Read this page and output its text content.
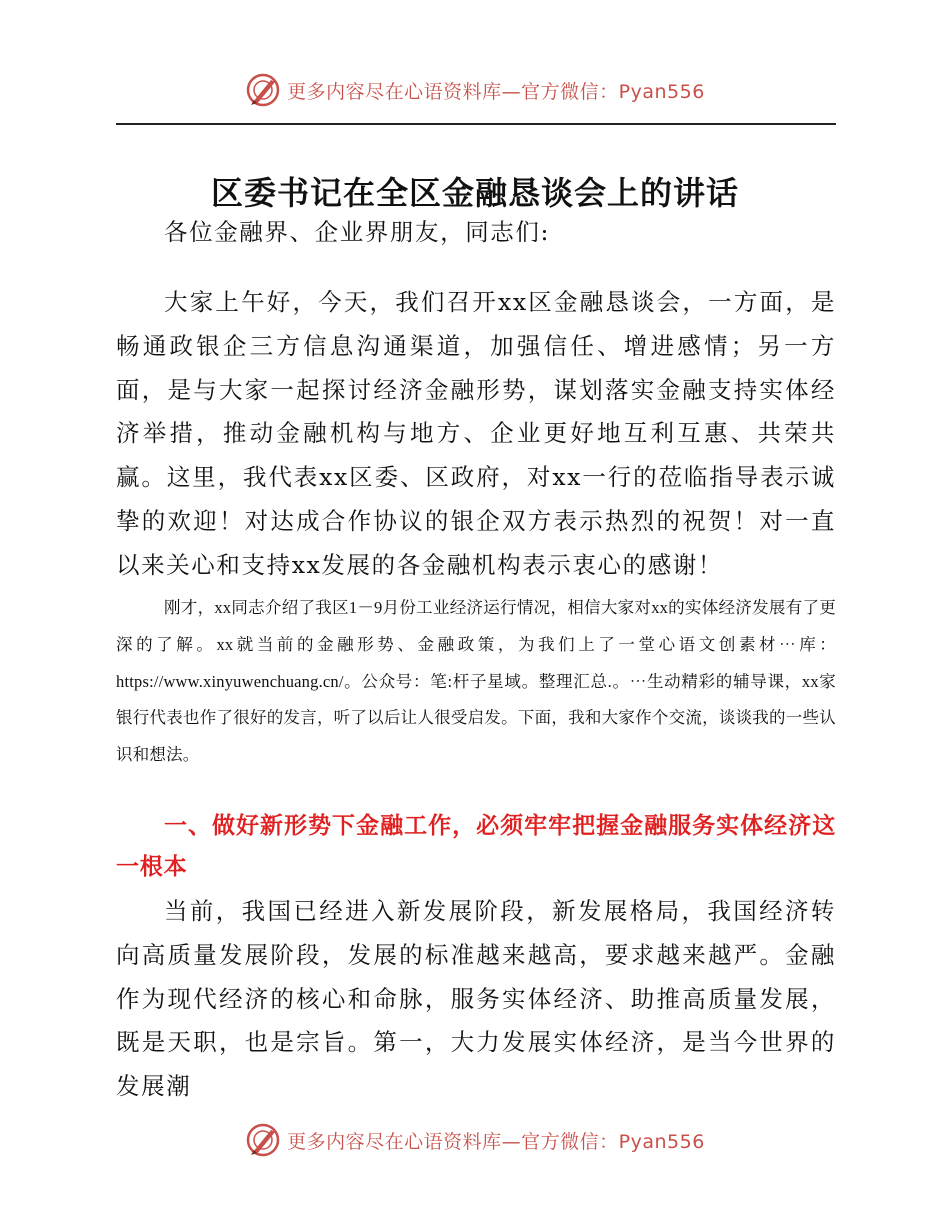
更多内容尽在心语资料库—官方微信：Pyan556
区委书记在全区金融恳谈会上的讲话

各位金融界、企业界朋友，同志们:

大家上午好，今天，我们召开xx区金融恳谈会，一方面，是畅通政银企三方信息沟通渠道，加强信任、增进感情；另一方面，是与大家一起探讨经济金融形势，谋划落实金融支持实体经济举措，推动金融机构与地方、企业更好地互利互惠、共荣共赢。这里，我代表xx区委、区政府，对xx一行的莅临指导表示诚挚的欢迎！对达成合作协议的银企双方表示热烈的祝贺！对一直以来关心和支持xx发展的各金融机构表示衷心的感谢！

刚才，xx同志介绍了我区1－9月份工业经济运行情况，相信大家对xx的实体经济发展有了更深的了解。xx就当前的金融形势、金融政策，为我们上了一堂心语文创素材⋯库：https://www.xinyuwenchuang.cn/。公众号：笔:杆子星域。整理汇总.。⋯生动精彩的辅导课，xx家银行代表也作了很好的发言，听了以后让人很受启发。下面，我和大家作个交流，谈谈我的一些认识和想法。

一、做好新形势下金融工作，必须牢牢把握金融服务实体经济这一根本

当前，我国已经进入新发展阶段，新发展格局，我国经济转向高质量发展阶段，发展的标准越来越高，要求越来越严。金融作为现代经济的核心和命脉，服务实体经济、助推高质量发展，既是天职，也是宗旨。第一，大力发展实体经济，是当今世界的发展潮

更多内容尽在心语资料库—官方微信：Pyan556
